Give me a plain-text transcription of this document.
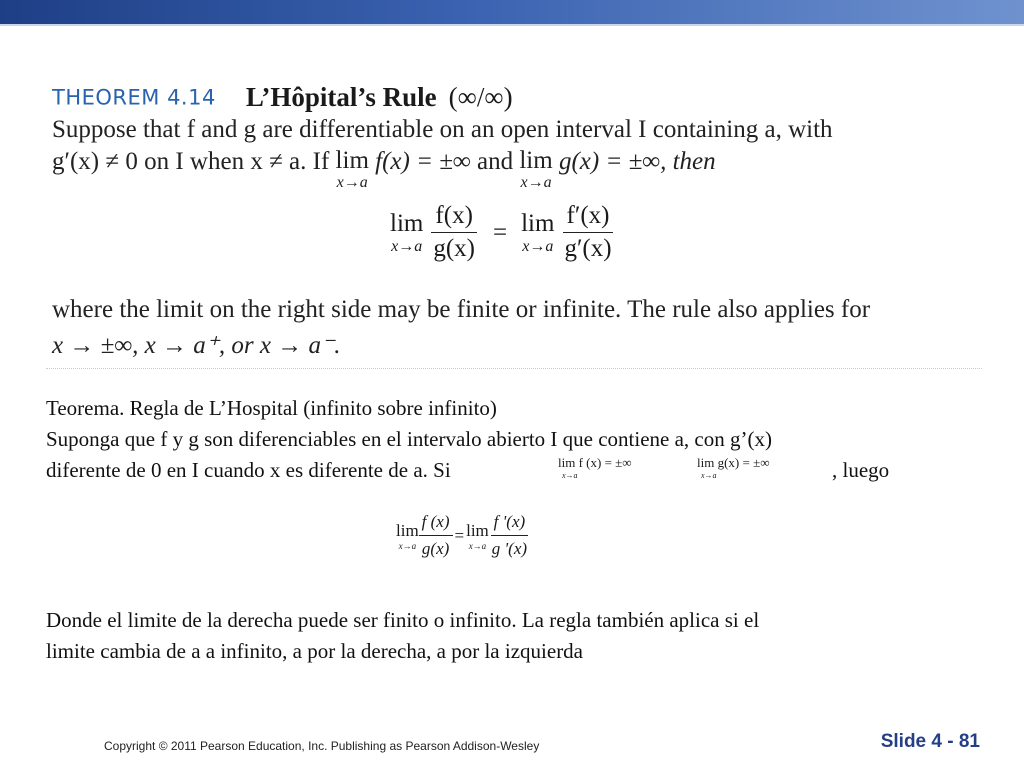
THEOREM 4.14 L’Hôpital’s Rule (∞/∞)
Suppose that f and g are differentiable on an open interval I containing a, with
g′(x) ≠ 0 on I when x ≠ a. If lim
x→a
f(x) = ±∞ and lim
x→a
g(x) = ±∞, then
lim
$x\to a \frac{f(x)}{g(x)} = \lim$
$x\to a \frac{f'(x)}{g'(x)}$
where the limit on the right side may be finite or infinite. The rule also applies for
x → ±∞, x → a⁺, or x → a⁻.
Teorema. Regla de L’Hospital (infinito sobre infinito)
Suponga que f y g son diferenciables en el intervalo abierto I que contiene a, con g’(x)
diferente de 0 en I cuando x es diferente de a. Si	lim f (x) = ±∞
x→a
lim g(x) = ±∞
x→a	, luego
lim
$x\to a \frac{f (x)}{g(x)} = \lim$
$x\to a \frac{f '(x)}{g '(x)}$
Donde el limite de la derecha puede ser finito o infinito. La regla también aplica si el
limite cambia de a a infinito, a por la derecha, a por la izquierda
Copyright © 2011 Pearson Education, Inc. Publishing as Pearson Addison-Wesley	Slide 4 - 81
